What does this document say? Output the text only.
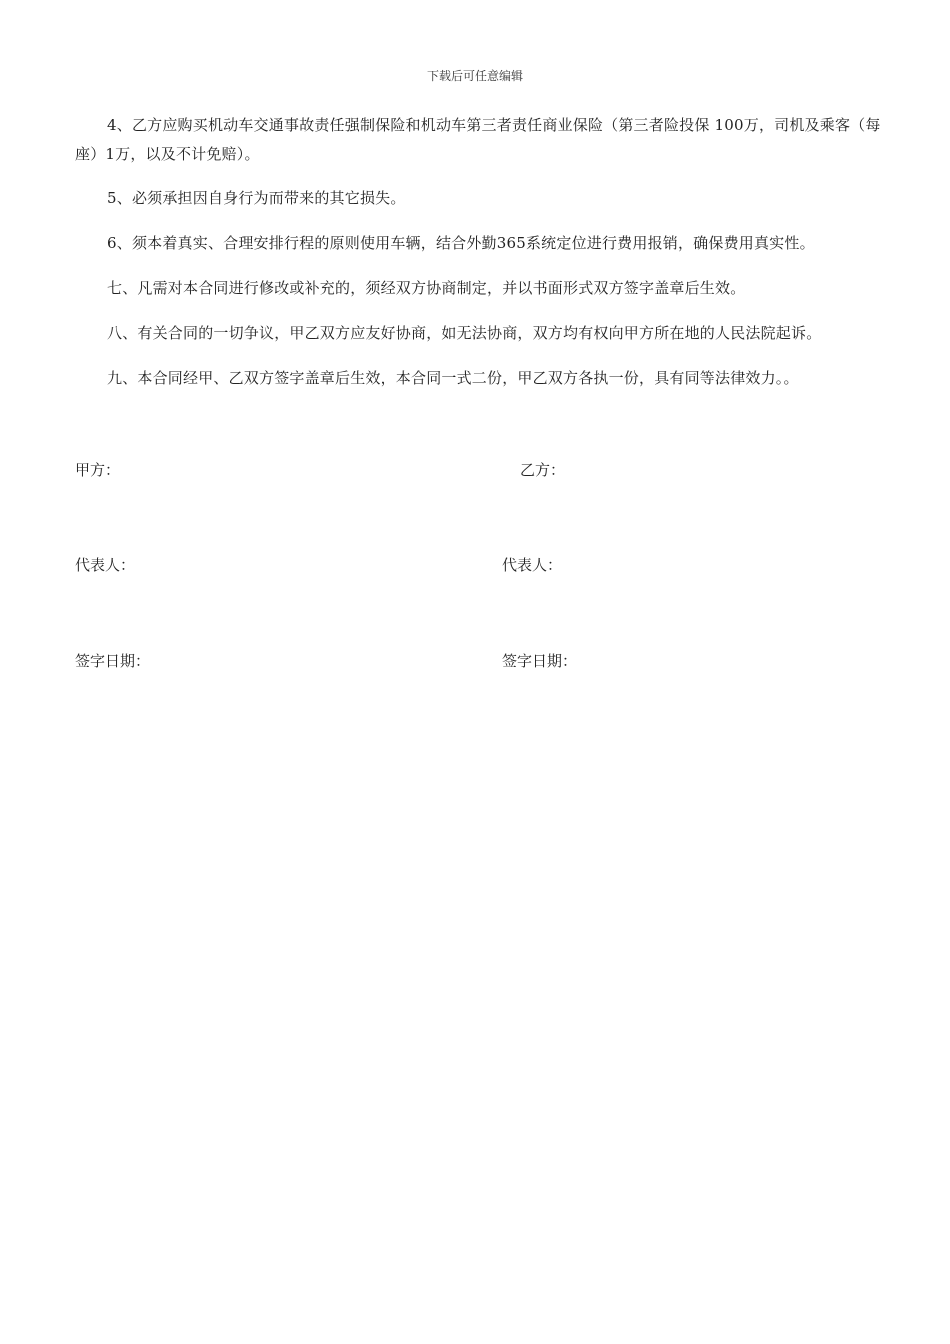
下载后可任意编辑
4、乙方应购买机动车交通事故责任强制保险和机动车第三者责任商业保险（第三者险投保 100万，司机及乘客（每座）1万，以及不计免赔）。
5、必须承担因自身行为而带来的其它损失。
6、须本着真实、合理安排行程的原则使用车辆，结合外勤365系统定位进行费用报销，确保费用真实性。
七、凡需对本合同进行修改或补充的，须经双方协商制定，并以书面形式双方签字盖章后生效。
八、有关合同的一切争议，甲乙双方应友好协商，如无法协商，双方均有权向甲方所在地的人民法院起诉。
九、本合同经甲、乙双方签字盖章后生效，本合同一式二份，甲乙双方各执一份，具有同等法律效力。。
甲方：	乙方：
代表人：	代表人：
签字日期：	签字日期：
